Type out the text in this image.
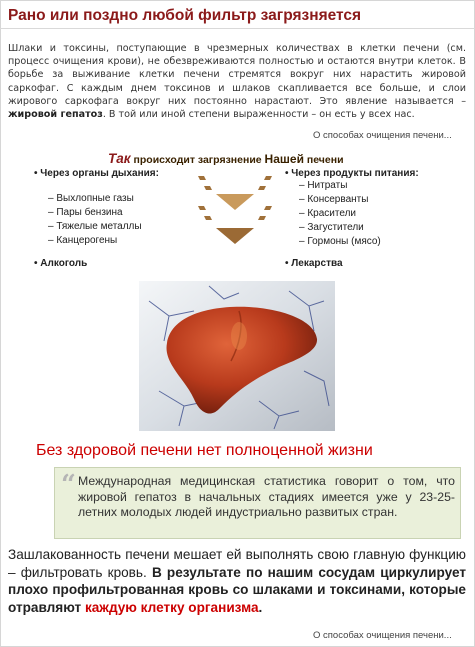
Рано или поздно любой фильтр загрязняется
Шлаки и токсины, поступающие в чрезмерных количествах в клетки печени (см. процесс очищения крови), не обезвреживаются полностью и остаются внутри клеток. В борьбе за выживание клетки печени стремятся вокруг них нарастить жировой саркофаг. С каждым днем токсинов и шлаков скапливается все больше, и слои жирового саркофага вокруг них постоянно нарастают. Это явление называется – жировой гепатоз. В той или иной степени выраженности – он есть у всех нас.
О способах очищения печени...
Так происходит загрязнение Нашей печени
• Через органы дыхания:
– Выхлопные газы
– Пары бензина
– Тяжелые металлы
– Канцерогены
• Через продукты питания:
– Нитраты
– Консерванты
– Красители
– Загустители
– Гормоны (мясо)
• Алкоголь	• Лекарства
Без здоровой печени нет полноценной жизни
“ Международная медицинская статистика говорит о том, что жировой гепатоз в начальных стадиях имеется уже у 23-25-летних молодых людей индустриально развитых стран.
Зашлакованность печени мешает ей выполнять свою главную функцию – фильтровать кровь. В результате по нашим сосудам циркулирует плохо профильтрованная кровь со шлаками и токсинами, которые отравляют каждую клетку организма.
О способах очищения печени...
